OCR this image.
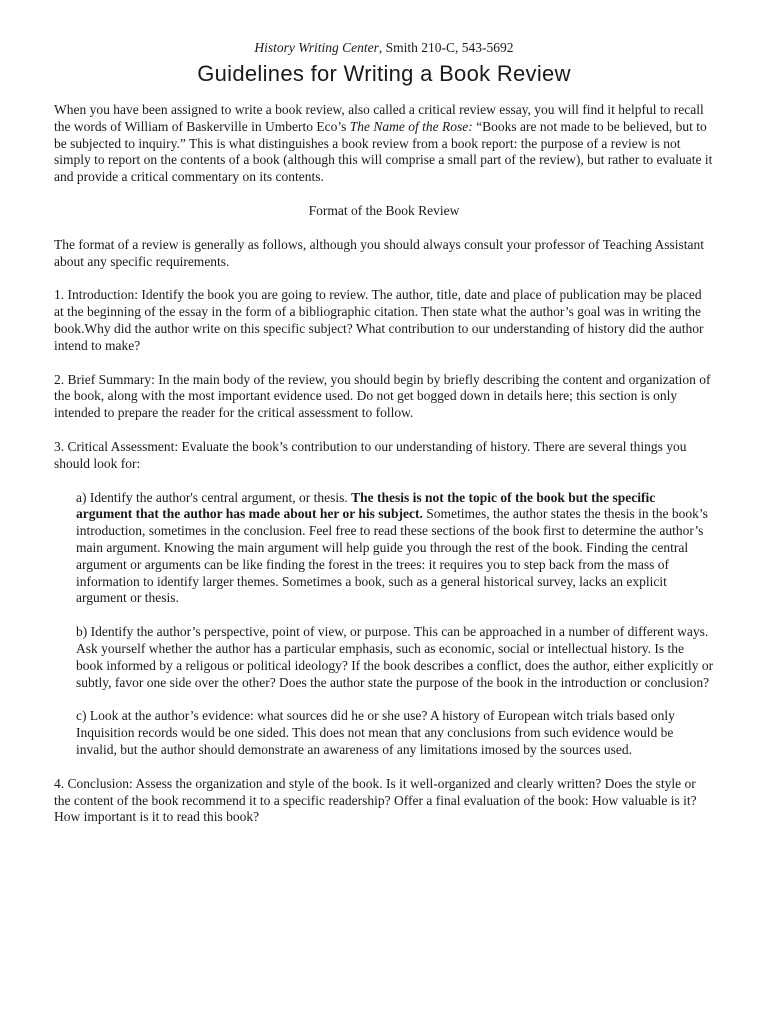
History Writing Center, Smith 210-C, 543-5692

Guidelines for Writing a Book Review

When you have been assigned to write a book review, also called a critical review essay, you will find it helpful to recall the words of William of Baskerville in Umberto Eco’s The Name of the Rose: “Books are not made to be believed, but to be subjected to inquiry.” This is what distinguishes a book review from a book report: the purpose of a review is not simply to report on the contents of a book (although this will comprise a small part of the review), but rather to evaluate it and provide a critical commentary on its contents.

Format of the Book Review

The format of a review is generally as follows, although you should always consult your professor of Teaching Assistant about any specific requirements.

1. Introduction: Identify the book you are going to review. The author, title, date and place of publication may be placed at the beginning of the essay in the form of a bibliographic citation. Then state what the author’s goal was in writing the book.Why did the author write on this specific subject? What contribution to our understanding of history did the author intend to make?

2. Brief Summary: In the main body of the review, you should begin by briefly describing the content and organization of the book, along with the most important evidence used. Do not get bogged down in details here; this section is only intended to prepare the reader for the critical assessment to follow.

3. Critical Assessment: Evaluate the book’s contribution to our understanding of history. There are several things you should look for:

a) Identify the author's central argument, or thesis. The thesis is not the topic of the book but the specific argument that the author has made about her or his subject. Sometimes, the author states the thesis in the book’s introduction, sometimes in the conclusion. Feel free to read these sections of the book first to determine the author’s main argument. Knowing the main argument will help guide you through the rest of the book. Finding the central argument or arguments can be like finding the forest in the trees: it requires you to step back from the mass of information to identify larger themes. Sometimes a book, such as a general historical survey, lacks an explicit argument or thesis.

b) Identify the author’s perspective, point of view, or purpose. This can be approached in a number of different ways. Ask yourself whether the author has a particular emphasis, such as economic, social or intellectual history. Is the book informed by a religous or political ideology? If the book describes a conflict, does the author, either explicitly or subtly, favor one side over the other? Does the author state the purpose of the book in the introduction or conclusion?

c) Look at the author’s evidence: what sources did he or she use? A history of European witch trials based only Inquisition records would be one sided. This does not mean that any conclusions from such evidence would be invalid, but the author should demonstrate an awareness of any limitations imosed by the sources used.

4. Conclusion: Assess the organization and style of the book. Is it well-organized and clearly written? Does the style or the content of the book recommend it to a specific readership? Offer a final evaluation of the book: How valuable is it? How important is it to read this book?
